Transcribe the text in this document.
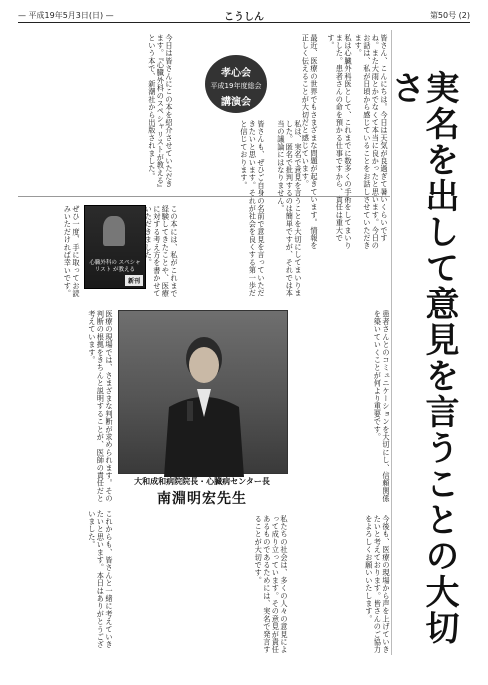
— 平成19年5月3日(日) —	こうしん	第50号 (2)
実名を出して意見を言うことの大切さ

皆さん、こんにちは。今日は天気が良過ぎて暑いくらいですね。また大雨とかでなくて本当に良かったと思います。今日のお話は、私が日頃から感じていることをお話しさせていただきます。

私は心臓外科医として、これまでに数多くの手術をしてまいりました。患者さんの命を預かる仕事ですから、責任は重大です。

最近、医療の世界でもさまざまな問題が起きています。情報を正しく伝えることが大切だと感じています。

孝心会
平成19年度総会
講演会

私は、実名で意見を言うことを大切にしてまいりました。匿名で批判するのは簡単ですが、それでは本当の議論にはなりません。

皆さんも、ぜひご自身の名前で意見を言っていただきたいと思います。それが社会を良くする第一歩だと信じております。

今日は皆さんにこの本を紹介させていただきます。『心臓外科のスペシャリストが教える』という本で、新潮社から出版されました。

心臓外科の スペシャリスト が教える
新刊	この本には、私がこれまで経験してきたことや、医療に対する考え方を書かせていただきました。

ぜひ一度、手に取ってお読みいただければ幸いです。

医療の現場では、さまざまな判断が求められます。その判断の根拠をきちんと説明することが、医師の責任だと考えています。

大和成和病院院長・心臓病センター長
南淵明宏先生	患者さんとのコミュニケーションを大切にし、信頼関係を築いていくことが何より重要です。

これからも、皆さんと一緒に考えていきたいと思います。本日はありがとうございました。	私たちの社会は、多くの人々の意見によって成り立っています。その意見が責任あるものであるためには、実名で発言することが大切です。	今後も、医療の現場から声を上げていきたいと考えております。皆さんのご協力をよろしくお願いいたします。
